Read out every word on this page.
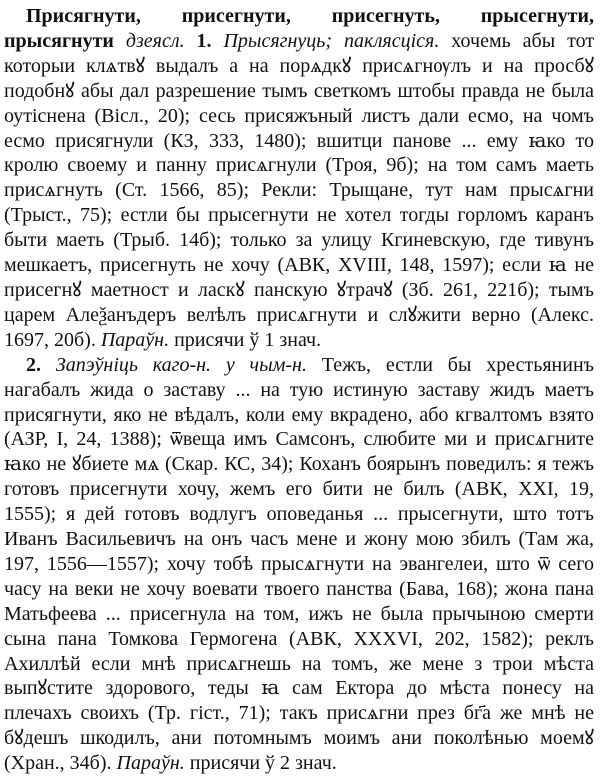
Присягнути, присегнути, присегнуть, прысегнути, прысягнути дзеясл. 1. Прысягнуць; паклясціся. хочемь абы тот которыи клѧтвꙋ выдалъ а на порѧдкꙋ присѧгнѹлъ и на просбꙋ подобнꙋ абы дал разрешение тымъ светкомъ штобы правда не была оутіснена (Вісл., 20); сесь присяжъный листъ дали есмо, на чомъ есмо присягнули (КЗ, 333, 1480); вшитци панове ... ему ꙗко то кролю своему и панну присѧгнули (Троя, 9б); на том самъ маеть присѧгнуть (Ст. 1566, 85); Рекли: Трыщане, тут нам прысѧгни (Трыст., 75); естли бы прысегнути не хотел тогды горломъ каранъ быти маеть (Трыб. 14б); только за улицу Кгиневскую, где тивунъ мешкаетъ, присегнуть не хочу (АВК, XVIII, 148, 1597); если ꙗ не присегнꙋ маетност и ласкꙋ панскую ꙋтрачꙋ (Зб. 261, 221б); тымъ царем Алеѯанъдеръ велѣлъ присѧгнути и слꙋжити верно (Алекс. 1697, 20б). Параўн. присячи ў 1 знач.

2. Запэўніць каго-н. у чым-н. Тежъ, естли бы хрестьянинъ нагабалъ жида о заставу ... на тую истиную заставу жидъ маетъ присягнути, яко не вѣдалъ, коли ему вкрадено, або кгвалтомъ взято (АЗР, I, 24, 1388); ѿвеща имъ Самсонъ, слюбите ми и присѧгните ꙗко не ꙋбиете мѧ (Скар. КС, 34); Коханъ боярынъ поведилъ: я тежъ готовъ присегнути хочу, жемъ его бити не билъ (АВК, XXI, 19, 1555); я дей готовъ водлугъ оповеданья ... прысегнути, што тотъ Иванъ Васильевичъ на онъ часъ мене и жону мою збилъ (Там жа, 197, 1556—1557); хочу тобѣ прысѧгнути на эвангелеи, што ѿ сего часу на веки не хочу воевати твоего панства (Бава, 168); жона пана Матьфеева ... присегнула на том, ижъ не была прычыною смерти сына пана Томкова Гермогена (АВК, XXXVI, 202, 1582); реклъ Ахиллѣй если мнѣ присѧгнешь на томъ, же мене з трои мѣста выпꙋстите здорового, теды ꙗ сам Ектора до мѣста понесу на плечахъ своихъ (Тр. гіст., 71); такъ присѧгни през бг҃а же мнѣ не бꙋдешъ шкодилъ, ани потомнымъ моимъ ани поколѣнью моемꙋ (Хран., 34б). Параўн. присячи ў 2 знач.
